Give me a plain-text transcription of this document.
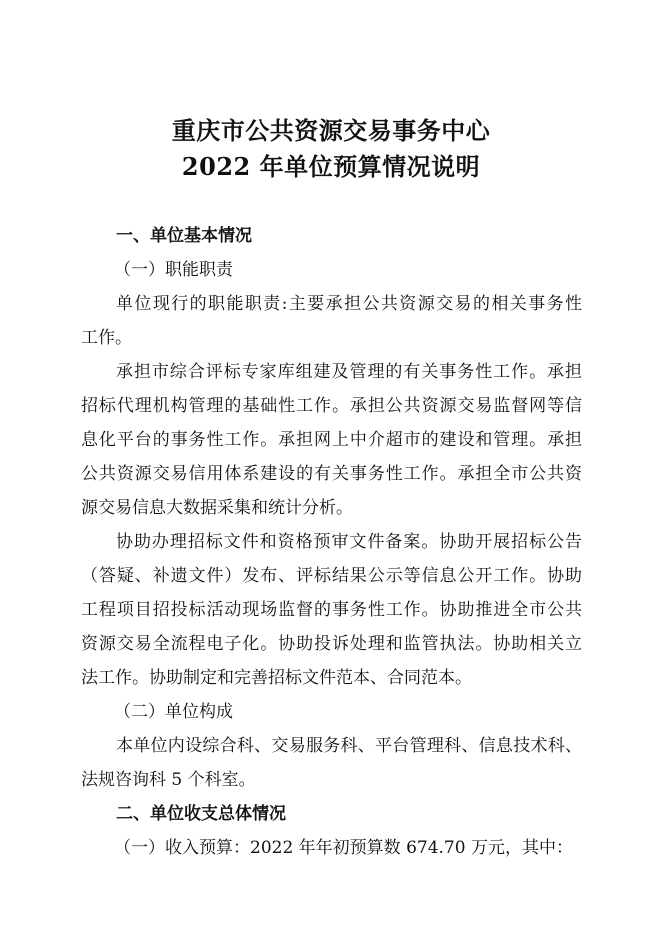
重庆市公共资源交易事务中心
2022 年单位预算情况说明
一、单位基本情况
（一）职能职责
单位现行的职能职责:主要承担公共资源交易的相关事务性
工作。
承担市综合评标专家库组建及管理的有关事务性工作。承担
招标代理机构管理的基础性工作。承担公共资源交易监督网等信
息化平台的事务性工作。承担网上中介超市的建设和管理。承担
公共资源交易信用体系建设的有关事务性工作。承担全市公共资
源交易信息大数据采集和统计分析。
协助办理招标文件和资格预审文件备案。协助开展招标公告
（答疑、补遗文件）发布、评标结果公示等信息公开工作。协助
工程项目招投标活动现场监督的事务性工作。协助推进全市公共
资源交易全流程电子化。协助投诉处理和监管执法。协助相关立
法工作。协助制定和完善招标文件范本、合同范本。
（二）单位构成
本单位内设综合科、交易服务科、平台管理科、信息技术科、
法规咨询科 5 个科室。
二、单位收支总体情况
（一）收入预算：2022 年年初预算数 674.70 万元，其中：
